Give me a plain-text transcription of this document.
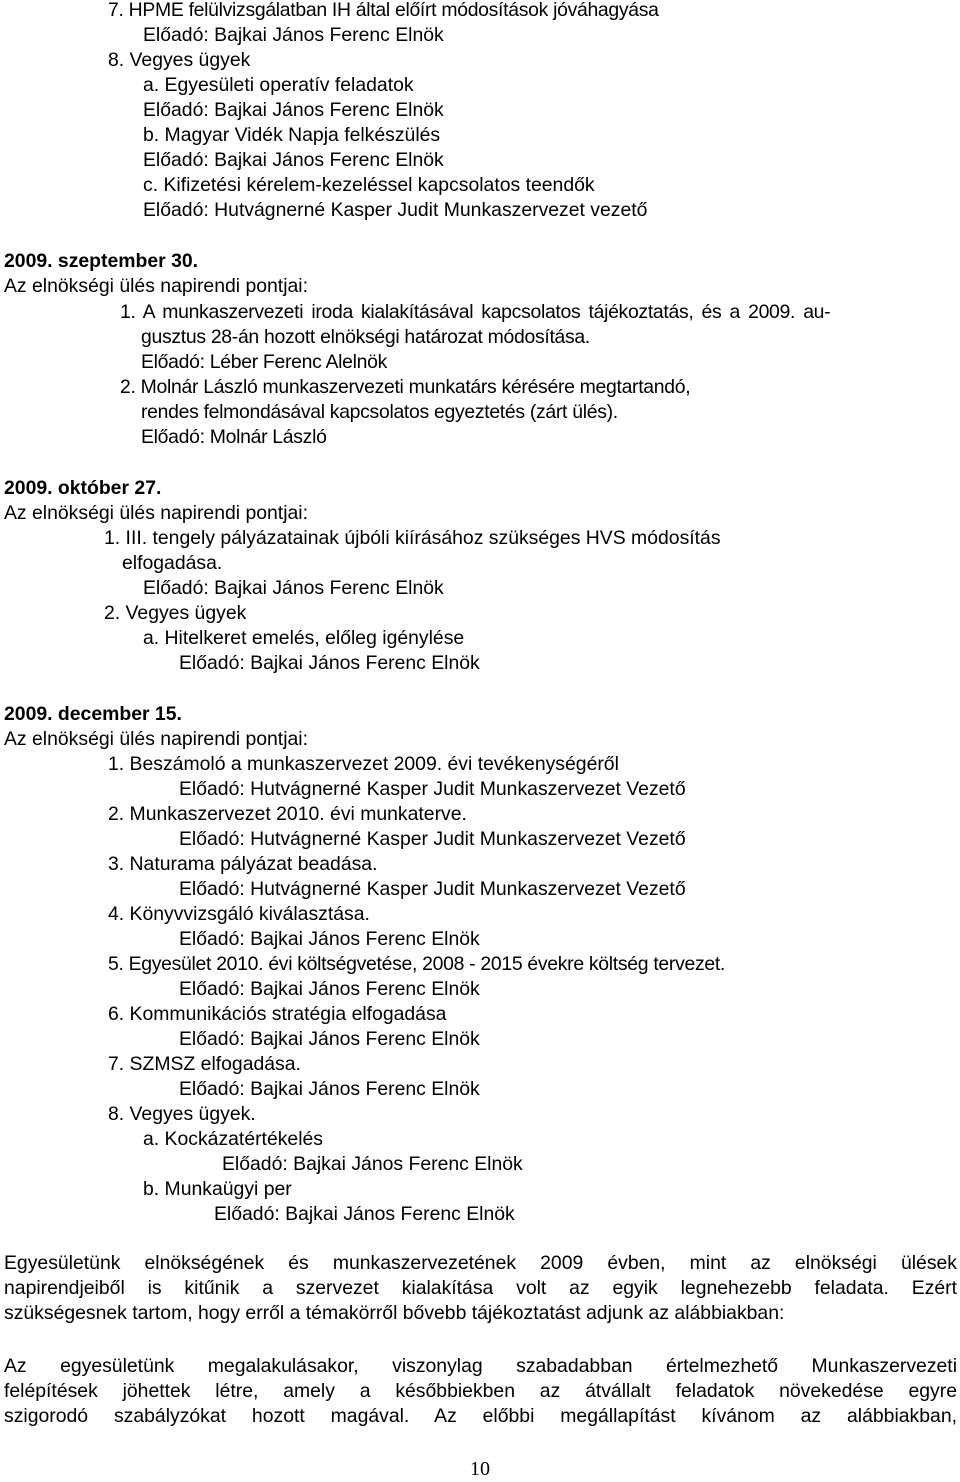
7. HPME felülvizsgálatban IH által előírt módosítások jóváhagyása
Előadó: Bajkai János Ferenc Elnök
8. Vegyes ügyek
a. Egyesületi operatív feladatok
Előadó: Bajkai János Ferenc Elnök
b. Magyar Vidék Napja felkészülés
Előadó: Bajkai János Ferenc Elnök
c. Kifizetési kérelem-kezeléssel kapcsolatos teendők
Előadó: Hutvágnerné Kasper Judit Munkaszervezet vezető
2009. szeptember 30.
Az elnökségi ülés napirendi pontjai:
1. A munkaszervezeti iroda kialakításával kapcsolatos tájékoztatás, és a 2009. au-
gusztus 28-án hozott elnökségi határozat módosítása.
Előadó: Léber Ferenc Alelnök
2. Molnár László munkaszervezeti munkatárs kérésére megtartandó,
rendes felmondásával kapcsolatos egyeztetés (zárt ülés).
Előadó: Molnár László
2009. október 27.
Az elnökségi ülés napirendi pontjai:
1. III. tengely pályázatainak újbóli kiírásához szükséges HVS módosítás
elfogadása.
Előadó: Bajkai János Ferenc Elnök
2. Vegyes ügyek
a. Hitelkeret emelés, előleg igénylése
Előadó: Bajkai János Ferenc Elnök
2009. december 15.
Az elnökségi ülés napirendi pontjai:
1. Beszámoló a munkaszervezet 2009. évi tevékenységéről
Előadó: Hutvágnerné Kasper Judit Munkaszervezet Vezető
2. Munkaszervezet 2010. évi munkaterve.
Előadó: Hutvágnerné Kasper Judit Munkaszervezet Vezető
3. Naturama pályázat beadása.
Előadó: Hutvágnerné Kasper Judit Munkaszervezet Vezető
4. Könyvvizsgáló kiválasztása.
Előadó: Bajkai János Ferenc Elnök
5. Egyesület 2010. évi költségvetése, 2008 - 2015 évekre költség tervezet.
Előadó: Bajkai János Ferenc Elnök
6. Kommunikációs stratégia elfogadása
Előadó: Bajkai János Ferenc Elnök
7. SZMSZ elfogadása.
Előadó: Bajkai János Ferenc Elnök
8. Vegyes ügyek.
a. Kockázatértékelés
Előadó: Bajkai János Ferenc Elnök
b. Munkaügyi per
Előadó: Bajkai János Ferenc Elnök
Egyesületünk elnökségének és munkaszervezetének 2009 évben, mint az elnökségi ülések
napirendjeiből is kitűnik a szervezet kialakítása volt az egyik legnehezebb feladata. Ezért
szükségesnek tartom, hogy erről a témakörről bővebb tájékoztatást adjunk az alábbiakban:
Az egyesületünk megalakulásakor, viszonylag szabadabban értelmezhető Munkaszervezeti
felépítések jöhettek létre, amely a későbbiekben az átvállalt feladatok növekedése egyre
szigorodó szabályzókat hozott magával. Az előbbi megállapítást kívánom az alábbiakban,
10
